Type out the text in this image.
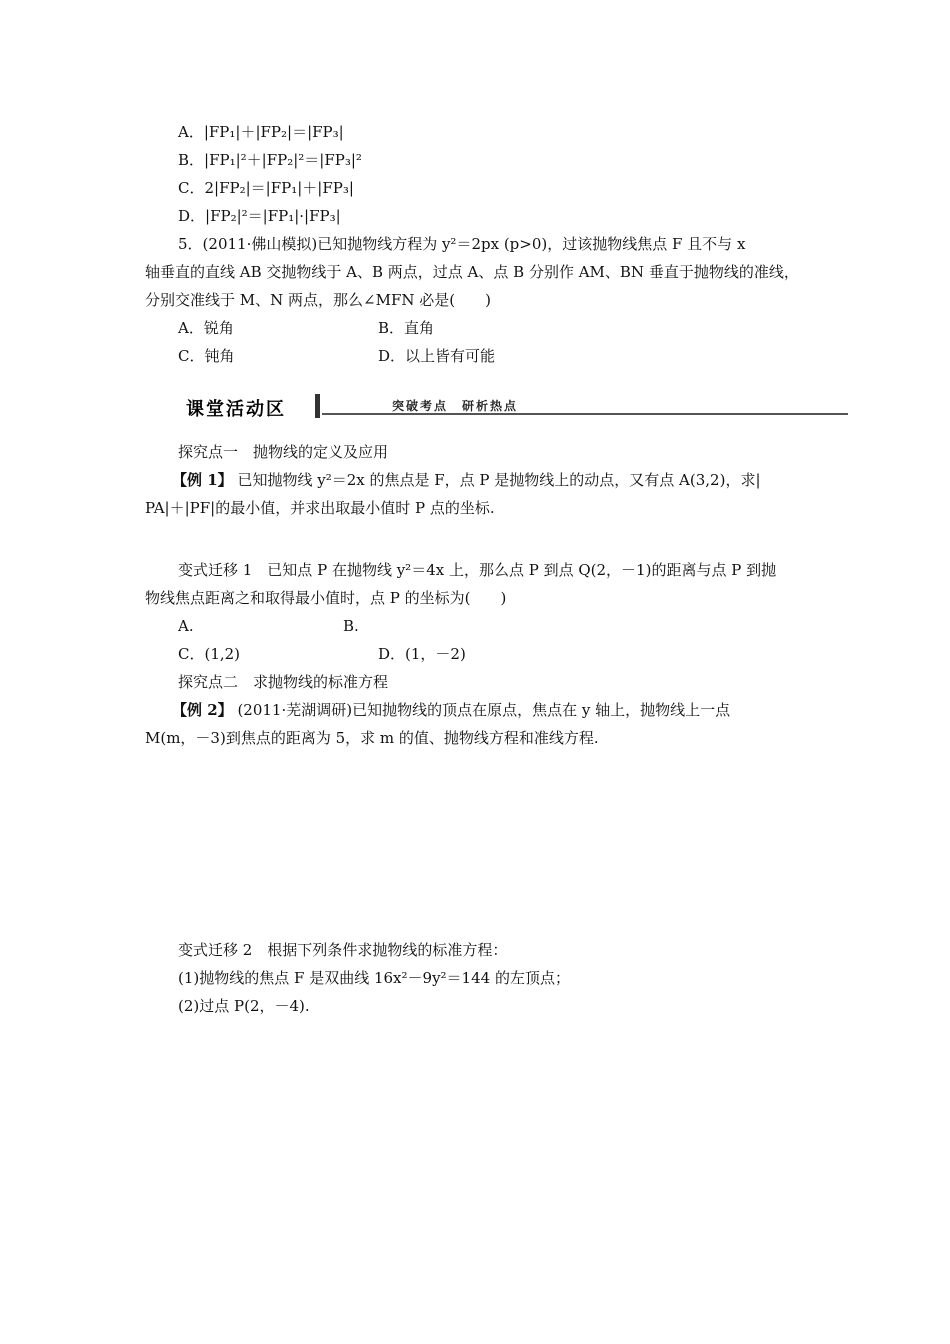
A．|FP₁|＋|FP₂|＝|FP₃|
B．|FP₁|²＋|FP₂|²＝|FP₃|²
C．2|FP₂|＝|FP₁|＋|FP₃|
D．|FP₂|²＝|FP₁|·|FP₃|
5．(2011·佛山模拟)已知抛物线方程为 y²＝2px (p>0)，过该抛物线焦点 F 且不与 x
轴垂直的直线 AB 交抛物线于 A、B 两点，过点 A、点 B 分别作 AM、BN 垂直于抛物线的准线，
分别交准线于 M、N 两点，那么∠MFN 必是(　　)
A．锐角	B．直角
C．钝角	D．以上皆有可能
课堂活动区	突破考点　研析热点
探究点一　抛物线的定义及应用
【例 1】 已知抛物线 y²＝2x 的焦点是 F，点 P 是抛物线上的动点，又有点 A(3,2)，求|
PA|＋|PF|的最小值，并求出取最小值时 P 点的坐标.
变式迁移 1　已知点 P 在抛物线 y²＝4x 上，那么点 P 到点 Q(2，－1)的距离与点 P 到抛
物线焦点距离之和取得最小值时，点 P 的坐标为(　　)
A.	B.
C．(1,2)	D．(1，－2)
探究点二　求抛物线的标准方程
【例 2】 (2011·芜湖调研)已知抛物线的顶点在原点，焦点在 y 轴上，抛物线上一点
M(m，－3)到焦点的距离为 5，求 m 的值、抛物线方程和准线方程.
变式迁移 2　根据下列条件求抛物线的标准方程：
(1)抛物线的焦点 F 是双曲线 16x²－9y²＝144 的左顶点；
(2)过点 P(2，－4).
